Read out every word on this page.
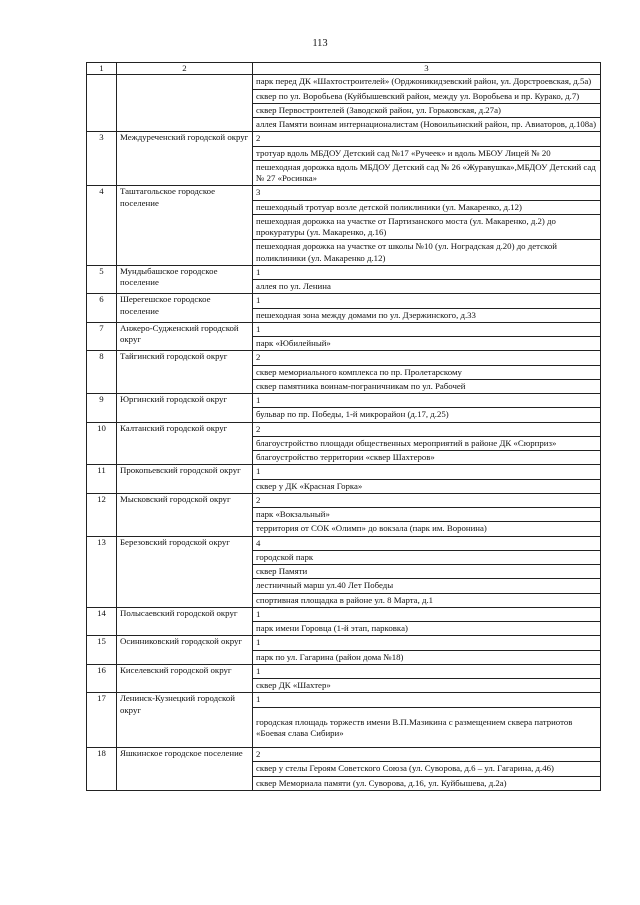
113
1	2	3

		парк перед ДК «Шахтостроителей» (Орджоникидзевский район, ул. Дорстроевская, д.5а)
сквер по ул. Воробьева (Куйбышевский район, между ул. Воробьева и пр. Курако, д.7)
сквер Первостроителей (Заводской район, ул. Горьковская, д.27а)
аллея Памяти воинам интернационалистам (Новоильинский район, пр. Авиаторов, д.108а)

3	Междуреченский городской округ	2
тротуар вдоль МБДОУ Детский сад №17 «Ручеек» и вдоль МБОУ Лицей № 20
пешеходная дорожка вдоль МБДОУ Детский сад № 26 «Журавушка»,МБДОУ Детский сад № 27 «Росинка»

4	Таштагольское городское поселение	3
пешеходный тротуар возле детской поликлиники (ул. Макаренко, д.12)
пешеходная дорожка на участке от Партизанского моста (ул. Макаренко, д.2) до прокуратуры (ул. Макаренко, д.16)
пешеходная дорожка на участке от школы №10 (ул. Ноградская д.20) до детской поликлиники (ул. Макаренко д.12)

5	Мундыбашское городское поселение	1
аллея по ул. Ленина

6	Шерегешское городское поселение	1
пешеходная зона между домами по ул. Дзержинского, д.33

7	Анжеро-Судженский городской округ	1
парк «Юбилейный»

8	Тайгинский городской округ	2
сквер мемориального комплекса по пр. Пролетарскому
сквер памятника воинам-пограничникам по ул. Рабочей

9	Юргинский городской округ	1
бульвар по пр. Победы, 1-й микрорайон (д.17, д.25)

10	Калтанский городской округ	2
благоустройство площади общественных мероприятий в районе ДК «Сюрприз»
благоустройство территории «сквер Шахтеров»

11	Прокопьевский городской округ	1
сквер у ДК «Красная Горка»

12	Мысковский городской округ	2
парк «Вокзальный»
территория от СОК «Олимп» до вокзала (парк им. Воронина)

13	Березовский городской округ	4
городской парк
сквер Памяти
лестничный марш ул.40 Лет Победы
спортивная площадка в районе ул. 8 Марта, д.1

14	Полысаевский городской округ	1
парк имени Горовца (1-й этап, парковка)

15	Осинниковский городской округ	1
парк по ул. Гагарина (район дома №18)

16	Киселевский городской округ	1
сквер ДК «Шахтер»

17	Ленинск-Кузнецкий городской округ	1
городская площадь торжеств имени В.П.Мазикина с размещением сквера патриотов «Боевая слава Сибири»

18	Яшкинское городское поселение	2
сквер у стелы Героям Советского Союза (ул. Суворова, д.6 – ул. Гагарина, д.46)
сквер Мемориала памяти (ул. Суворова, д.16, ул. Куйбышева, д.2а)
